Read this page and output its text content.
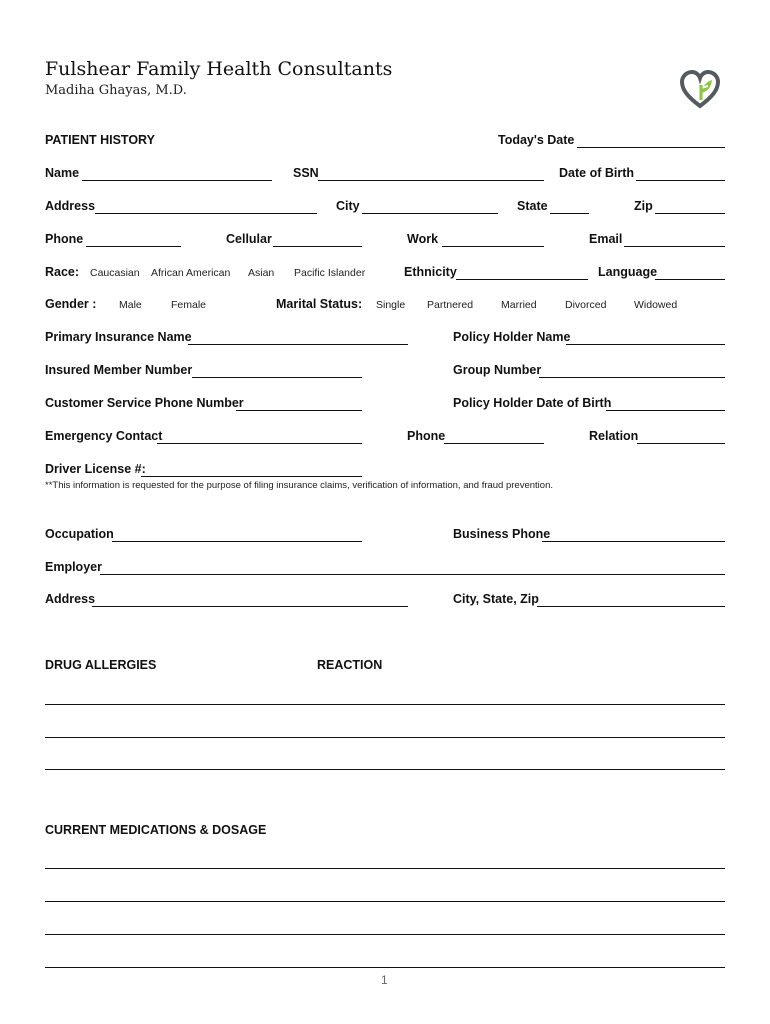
Fulshear Family Health Consultants
Madiha Ghayas, M.D.
PATIENT HISTORY	Today's Date
Name	SSN	Date of Birth
Address	City	State	Zip
Phone	Cellular	Work	Email
Race: Caucasian African American Asian Pacific Islander	Ethnicity	Language
Gender : Male	Female	Marital Status: Single Partnered	Married	Divorced	Widowed
Primary Insurance Name	Policy Holder Name
Insured Member Number	Group Number
Customer Service Phone Number	Policy Holder Date of Birth
Emergency Contact	Phone	Relation
Driver License #:
**This information is requested for the purpose of filing insurance claims, verification of information, and fraud prevention.
Occupation	Business Phone
Employer
Address	City, State, Zip
DRUG ALLERGIES	REACTION
CURRENT MEDICATIONS & DOSAGE
1
